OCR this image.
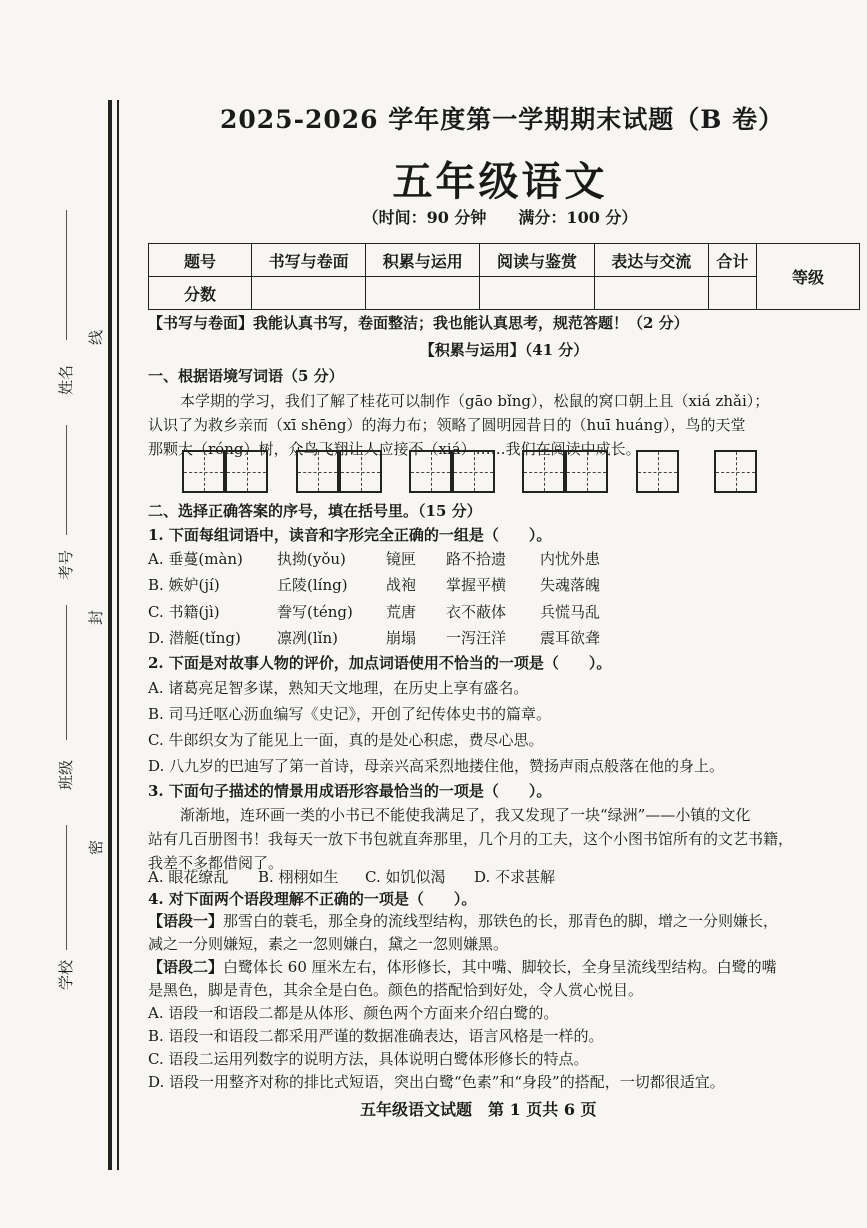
姓名
线
考号
封
班级
密
学校
2025-2026 学年度第一学期期末试题（B 卷）
五年级语文
（时间：90 分钟　　满分：100 分）
题号	书写与卷面	积累与运用	阅读与鉴赏	表达与交流	合计	等级
分数						
【书写与卷面】我能认真书写，卷面整洁；我也能认真思考，规范答题！（2 分）
【积累与运用】（41 分）
一、根据语境写词语（5 分）
本学期的学习，我们了解了桂花可以制作（gāo bǐng），松鼠的窝口朝上且（xiá zhǎi）；
认识了为救乡亲而（xī shēng）的海力布；领略了圆明园昔日的（huī huáng），鸟的天堂
那颗大（róng）树，众鸟飞翔让人应接不（xiá）……我们在阅读中成长。
二、选择正确答案的序号，填在括号里。（15 分）
1. 下面每组词语中，读音和字形完全正确的一组是（　　）。
A. 垂蔓(màn) 执拗(yǒu)	镜匣 路不拾遗 内忧外患
B. 嫉妒(jí)	丘陵(líng)	战袍 掌握平横 失魂落魄
C. 书籍(jì)	誊写(téng) 荒唐 衣不蔽体 兵慌马乱
D. 潜艇(tǐng) 凛冽(lǐn)	崩塌 一泻汪洋 震耳欲聋
2. 下面是对故事人物的评价，加点词语使用不恰当的一项是（　　）。
A. 诸葛亮足智多谋，熟知天文地理，在历史上享有盛名。
B. 司马迁呕心沥血编写《史记》，开创了纪传体史书的篇章。
C. 牛郎织女为了能见上一面，真的是处心积虑，费尽心思。
D. 八九岁的巴迪写了第一首诗，母亲兴高采烈地搂住他，赞扬声雨点般落在他的身上。
3. 下面句子描述的情景用成语形容最恰当的一项是（　　）。
渐渐地，连环画一类的小书已不能使我满足了，我又发现了一块“绿洲”——小镇的文化
站有几百册图书！我每天一放下书包就直奔那里，几个月的工夫，这个小图书馆所有的文艺书籍，
我差不多都借阅了。
A. 眼花缭乱 B. 栩栩如生 C. 如饥似渴 D. 不求甚解
4. 对下面两个语段理解不正确的一项是（　　）。
【语段一】那雪白的蓑毛，那全身的流线型结构，那铁色的长，那青色的脚，增之一分则嫌长，
减之一分则嫌短，素之一忽则嫌白，黛之一忽则嫌黑。
【语段二】白鹭体长 60 厘米左右，体形修长，其中嘴、脚较长，全身呈流线型结构。白鹭的嘴
是黑色，脚是青色，其余全是白色。颜色的搭配恰到好处，令人赏心悦目。
A. 语段一和语段二都是从体形、颜色两个方面来介绍白鹭的。
B. 语段一和语段二都采用严谨的数据准确表达，语言风格是一样的。
C. 语段二运用列数字的说明方法，具体说明白鹭体形修长的特点。
D. 语段一用整齐对称的排比式短语，突出白鹭“色素”和“身段”的搭配，一切都很适宜。
五年级语文试题　第 1 页共 6 页
